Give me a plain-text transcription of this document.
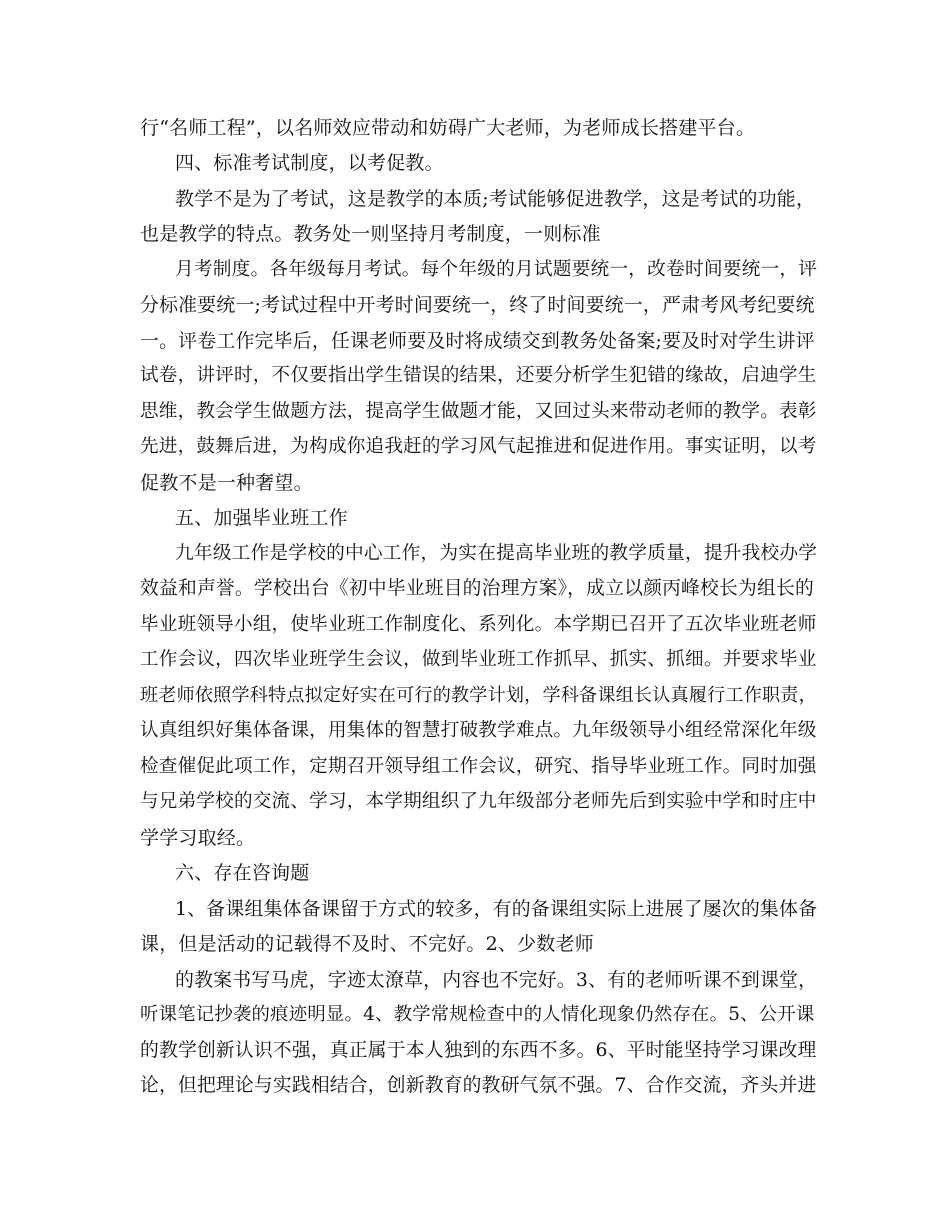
行“名师工程”，以名师效应带动和妨碍广大老师，为老师成长搭建平台。
四、标准考试制度，以考促教。
教学不是为了考试，这是教学的本质;考试能够促进教学，这是考试的功能，
也是教学的特点。教务处一则坚持月考制度，一则标准
月考制度。各年级每月考试。每个年级的月试题要统一，改卷时间要统一，评
分标准要统一;考试过程中开考时间要统一，终了时间要统一，严肃考风考纪要统
一。评卷工作完毕后，任课老师要及时将成绩交到教务处备案;要及时对学生讲评
试卷，讲评时，不仅要指出学生错误的结果，还要分析学生犯错的缘故，启迪学生
思维，教会学生做题方法，提高学生做题才能，又回过头来带动老师的教学。表彰
先进，鼓舞后进，为构成你追我赶的学习风气起推进和促进作用。事实证明，以考
促教不是一种奢望。
五、加强毕业班工作
九年级工作是学校的中心工作，为实在提高毕业班的教学质量，提升我校办学
效益和声誉。学校出台《初中毕业班目的治理方案》，成立以颜丙峰校长为组长的
毕业班领导小组，使毕业班工作制度化、系列化。本学期已召开了五次毕业班老师
工作会议，四次毕业班学生会议，做到毕业班工作抓早、抓实、抓细。并要求毕业
班老师依照学科特点拟定好实在可行的教学计划，学科备课组长认真履行工作职责，
认真组织好集体备课，用集体的智慧打破教学难点。九年级领导小组经常深化年级
检查催促此项工作，定期召开领导组工作会议，研究、指导毕业班工作。同时加强
与兄弟学校的交流、学习，本学期组织了九年级部分老师先后到实验中学和时庄中
学学习取经。
六、存在咨询题
1、备课组集体备课留于方式的较多，有的备课组实际上进展了屡次的集体备
课，但是活动的记载得不及时、不完好。2、少数老师
的教案书写马虎，字迹太潦草，内容也不完好。3、有的老师听课不到课堂，
听课笔记抄袭的痕迹明显。4、教学常规检查中的人情化现象仍然存在。5、公开课
的教学创新认识不强，真正属于本人独到的东西不多。6、平时能坚持学习课改理
论，但把理论与实践相结合，创新教育的教研气氛不强。7、合作交流，齐头并进
